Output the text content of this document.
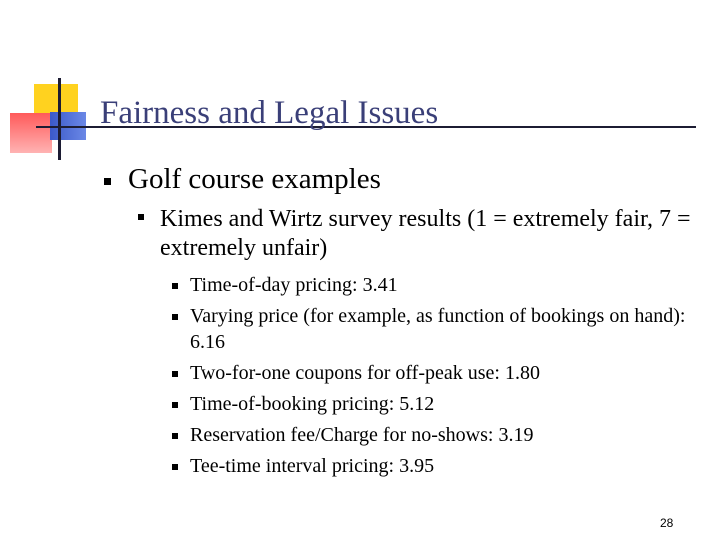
Fairness and Legal Issues
Golf course examples
Kimes and Wirtz survey results (1 = extremely fair, 7 = extremely unfair)
Time-of-day pricing: 3.41
Varying price (for example, as function of bookings on hand): 6.16
Two-for-one coupons for off-peak use: 1.80
Time-of-booking pricing: 5.12
Reservation fee/Charge for no-shows: 3.19
Tee-time interval pricing: 3.95
28
